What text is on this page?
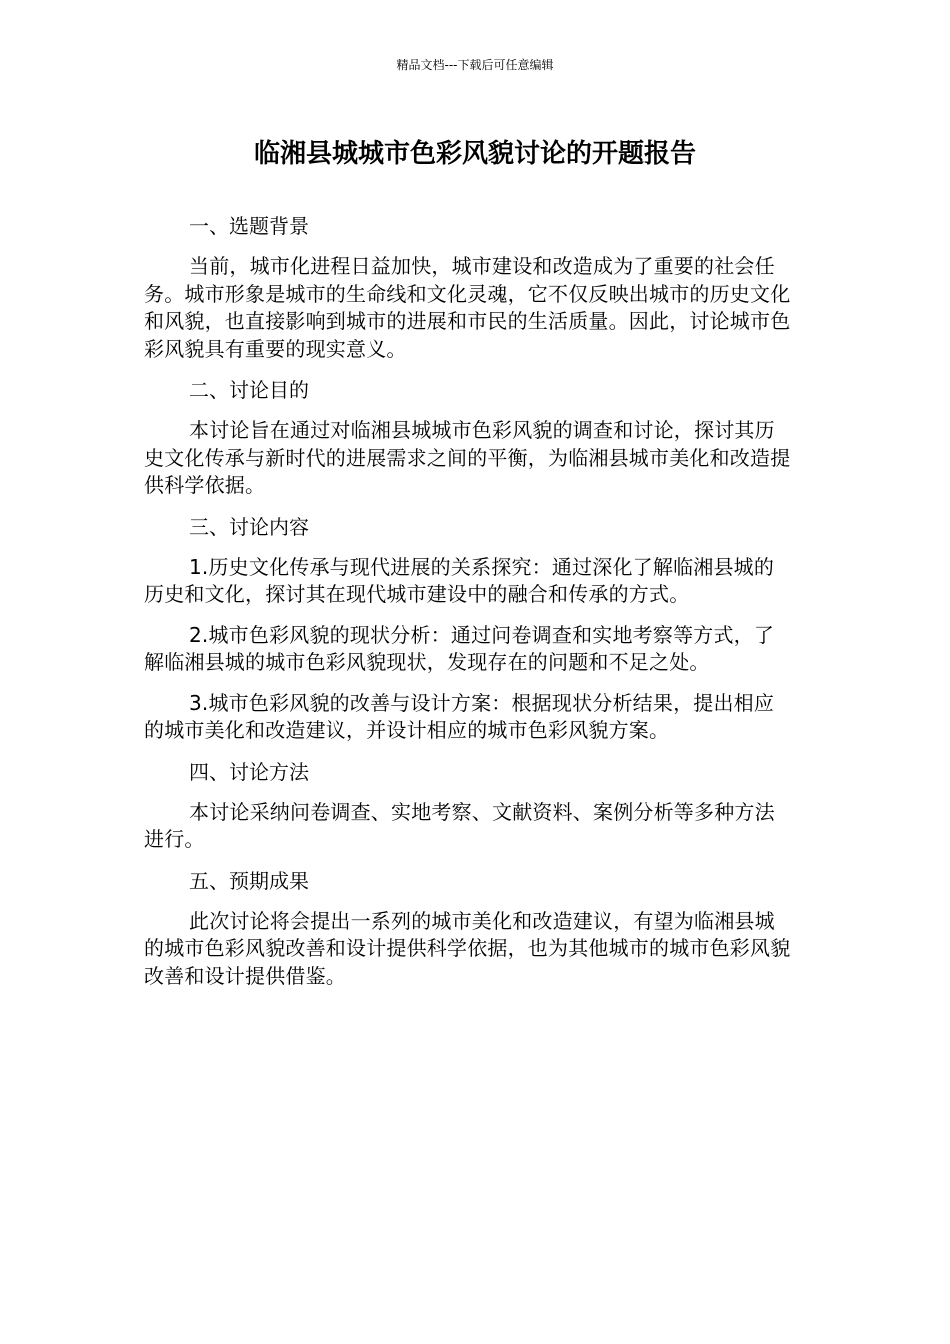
精品文档---下载后可任意编辑
临湘县城城市色彩风貌讨论的开题报告
一、选题背景

当前，城市化进程日益加快，城市建设和改造成为了重要的社会任务。城市形象是城市的生命线和文化灵魂，它不仅反映出城市的历史文化和风貌，也直接影响到城市的进展和市民的生活质量。因此，讨论城市色彩风貌具有重要的现实意义。

二、讨论目的

本讨论旨在通过对临湘县城城市色彩风貌的调查和讨论，探讨其历史文化传承与新时代的进展需求之间的平衡，为临湘县城市美化和改造提供科学依据。

三、讨论内容

1.历史文化传承与现代进展的关系探究：通过深化了解临湘县城的历史和文化，探讨其在现代城市建设中的融合和传承的方式。

2.城市色彩风貌的现状分析：通过问卷调查和实地考察等方式，了解临湘县城的城市色彩风貌现状，发现存在的问题和不足之处。

3.城市色彩风貌的改善与设计方案：根据现状分析结果，提出相应的城市美化和改造建议，并设计相应的城市色彩风貌方案。

四、讨论方法

本讨论采纳问卷调查、实地考察、文献资料、案例分析等多种方法进行。

五、预期成果

此次讨论将会提出一系列的城市美化和改造建议，有望为临湘县城的城市色彩风貌改善和设计提供科学依据，也为其他城市的城市色彩风貌改善和设计提供借鉴。
